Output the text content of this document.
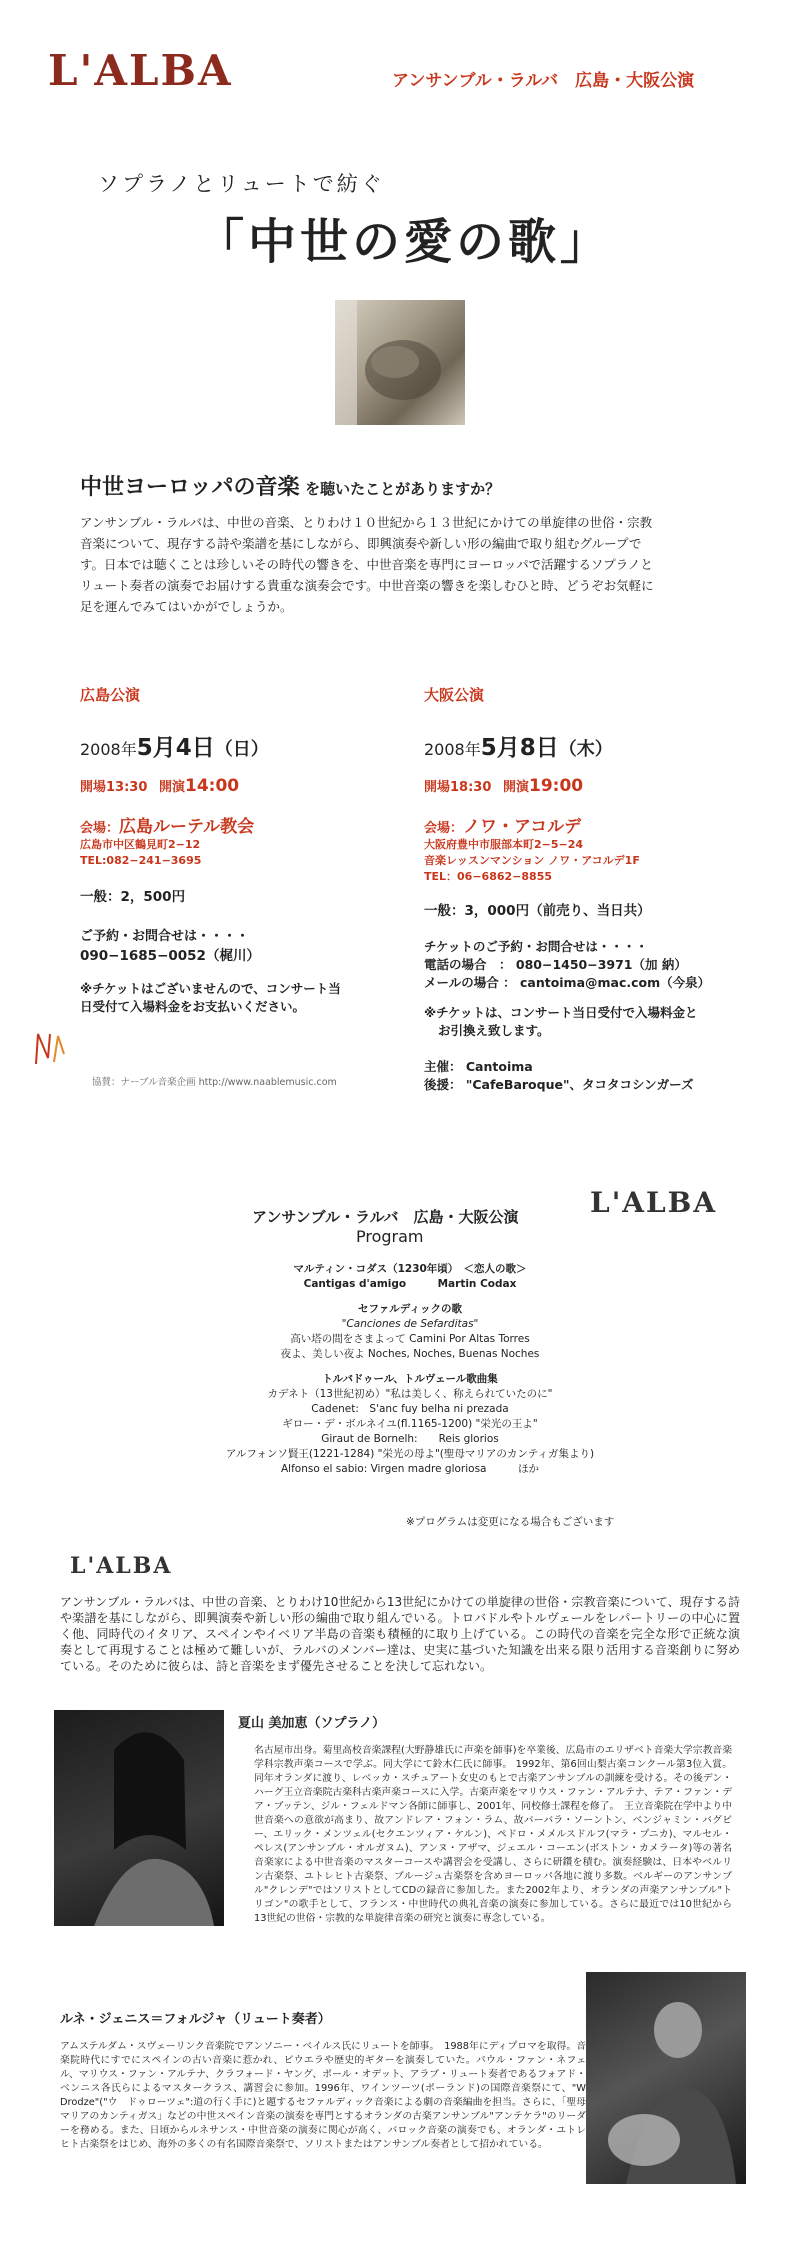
L'ALBA	アンサンブル・ラルバ　広島・大阪公演
ソプラノとリュートで紡ぐ
「中世の愛の歌」
中世ヨーロッパの音楽 を聴いたことがありますか？
アンサンブル・ラルバは、中世の音楽、とりわけ１０世紀から１３世紀にかけての単旋律の世俗・宗教
音楽について、現存する詩や楽譜を基にしながら、即興演奏や新しい形の編曲で取り組むグループで
す。日本では聴くことは珍しいその時代の響きを、中世音楽を専門にヨーロッパで活躍するソプラノと
リュート奏者の演奏でお届けする貴重な演奏会です。中世音楽の響きを楽しむひと時、どうぞお気軽に
足を運んでみてはいかがでしょうか。
広島公演
2008年5月4日（日）
開場13:30 開演14:00
会場：広島ルーテル教会
広島市中区鶴見町2−12
TEL:082−241−3695
一般：2，500円
ご予約・お問合せは・・・・
090−1685−0052（梶川）
※チケットはございませんので、コンサート当日受付て入場料金をお支払いください。
大阪公演
2008年5月8日（木）
開場18:30 開演19:00
会場：ノワ・アコルデ
大阪府豊中市服部本町2−5−24
音楽レッスンマンション ノワ・アコルデ1F
TEL：06−6862−8855
一般：3，000円（前売り、当日共）
チケットのご予約・お問合せは・・・・
電話の場合　： 080−1450−3971（加 納）
メールの場合 ： cantoima@mac.com（今泉）
※チケットは、コンサート当日受付で入場料金と
お引換え致します。
主催： Cantoima
後援： "CafeBaroque"、タコタコシンガーズ
協賛：ナーブル音楽企画 http://www.naablemusic.com
アンサンブル・ラルバ　広島・大阪公演
Program
L'ALBA
マルティン・コダス（1230年頃）　＜恋人の歌＞
Cantigas d'amigo　　　Martin Codax
セファルディックの歌
"Canciones de Sefarditas"
高い塔の間をさまよって Camini Por Altas Torres
夜よ、美しい夜よ Noches, Noches, Buenas Noches
トルバドゥール、トルヴェール歌曲集
カデネト（13世紀初め）"私は美しく、称えられていたのに"
Cadenet:　S'anc fuy belha ni prezada
ギロー・デ・ボルネイユ(fl.1165-1200) "栄光の王よ"
Giraut de Bornelh:　　Reis glorios
アルフォンソ賢王(1221-1284) "栄光の母よ"(聖母マリアのカンティガ集より)
Alfonso el sabio: Virgen madre gloriosa　　　ほか
※プログラムは変更になる場合もございます
L'ALBA
アンサンブル・ラルバは、中世の音楽、とりわけ10世紀から13世紀にかけての単旋律の世俗・宗教音楽について、現存する詩や楽譜を基にしながら、即興演奏や新しい形の編曲で取り組んでいる。トロバドルやトルヴェールをレパートリーの中心に置く他、同時代のイタリア、スペインやイベリア半島の音楽も積極的に取り上げている。この時代の音楽を完全な形で正統な演奏として再現することは極めて難しいが、ラルバのメンバー達は、史実に基づいた知識を出来る限り活用する音楽創りに努めている。そのために彼らは、詩と音楽をまず優先させることを決して忘れない。
夏山 美加恵（ソプラノ）
名古屋市出身。菊里高校音楽課程(大野静雄氏に声楽を師事)を卒業後、広島市のエリザベト音楽大学宗教音楽学科宗教声楽コースで学ぶ。同大学にて鈴木仁氏に師事。 1992年、第6回山梨古楽コンクール第3位入賞。同年オランダに渡り、レベッカ・スチュアート女史のもとで古楽アンサンブルの訓練を受ける。その後デン・ハーグ王立音楽院古楽科古楽声楽コースに入学。古楽声楽をマリウス・ファン・アルテナ、テア・ファン・デア・ブッテン、ジル・フェルドマン各師に師事し、2001年、同校修士課程を修了。　王立音楽院在学中より中世音楽への意欲が高まり、故アンドレア・フォン・ラム、故バーバラ・ソーントン、ベンジャミン・バグビー、エリック・メンツェル(セクエンツィア・ケルン)、ペドロ・メメルスドルフ(マラ・プニカ)、マルセル・ペレス(アンサンブル・オルガヌム)、アンヌ・アザマ、ジェエル・コーエン(ボストン・カメラータ)等の著名音楽家による中世音楽のマスターコースや講習会を受講し、さらに研鑽を積む。演奏経験は、日本やベルリン古楽祭、ユトレヒト古楽祭、ブルージュ古楽祭を含めヨーロッパ各地に渡り多数。ベルギーのアンサンブル"クレンデ"ではソリストとしてCDの録音に参加した。また2002年より、オランダの声楽アンサンブル"トリゴン"の歌手として、フランス・中世時代の典礼音楽の演奏に参加している。さらに最近では10世紀から13世紀の世俗・宗教的な単旋律音楽の研究と演奏に専念している。
ルネ・ジェニス＝フォルジャ（リュート奏者）
アムステルダム・スヴェーリンク音楽院でアンソニー・ベイルス氏にリュートを師事。　1988年にディプロマを取得。音楽院時代にすでにスペインの古い音楽に惹かれ、ビウエラや歴史的ギターを演奏していた。パウル・ファン・ネフェル、マリウス・ファン・アルテナ、クラフォード・ヤング、ポール・オデット、アラブ・リュート奏者であるフォアド・ベンニス各氏らによるマスタークラス、講習会に参加。1996年、ワインツーツ(ポーランド)の国際音楽祭にて、"W Drodze"("ウ　ドゥローツェ":道の行く手に)と題するセファルディック音楽による劇の音楽編曲を担当。さらに、「聖母マリアのカンティガス」などの中世スペイン音楽の演奏を専門とするオランダの古楽アンサンブル"アンテケラ"のリーダーを務める。また、日頃からルネサンス・中世音楽の演奏に関心が高く、バロック音楽の演奏でも、オランダ・ユトレヒト古楽祭をはじめ、海外の多くの有名国際音楽祭で、ソリストまたはアンサンブル奏者として招かれている。
